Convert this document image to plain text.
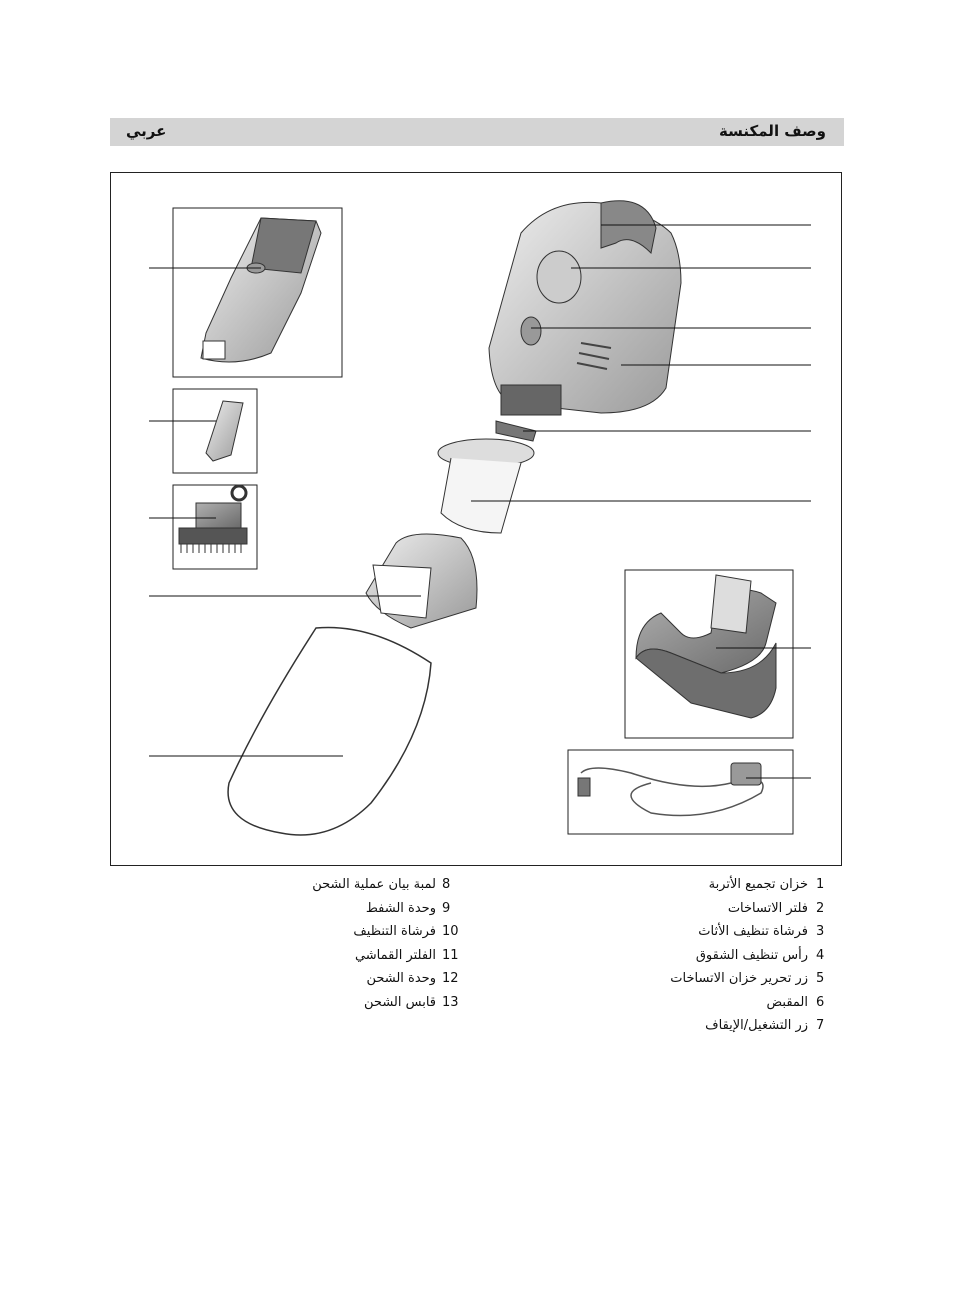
عربي	وصف المكنسة
1
خزان تجميع الأتربة
2
فلتر الاتساخات
3
فرشاة تنظيف الأثاث
4
رأس تنظيف الشقوق
5
زر تحرير خزان الاتساخات
6
المقبض
7
زر التشغيل/الإيقاف
8
لمبة بيان عملية الشحن
9
وحدة الشفط
10
فرشاة التنظيف
11
الفلتر القماشي
12
وحدة الشحن
13
قابس الشحن
